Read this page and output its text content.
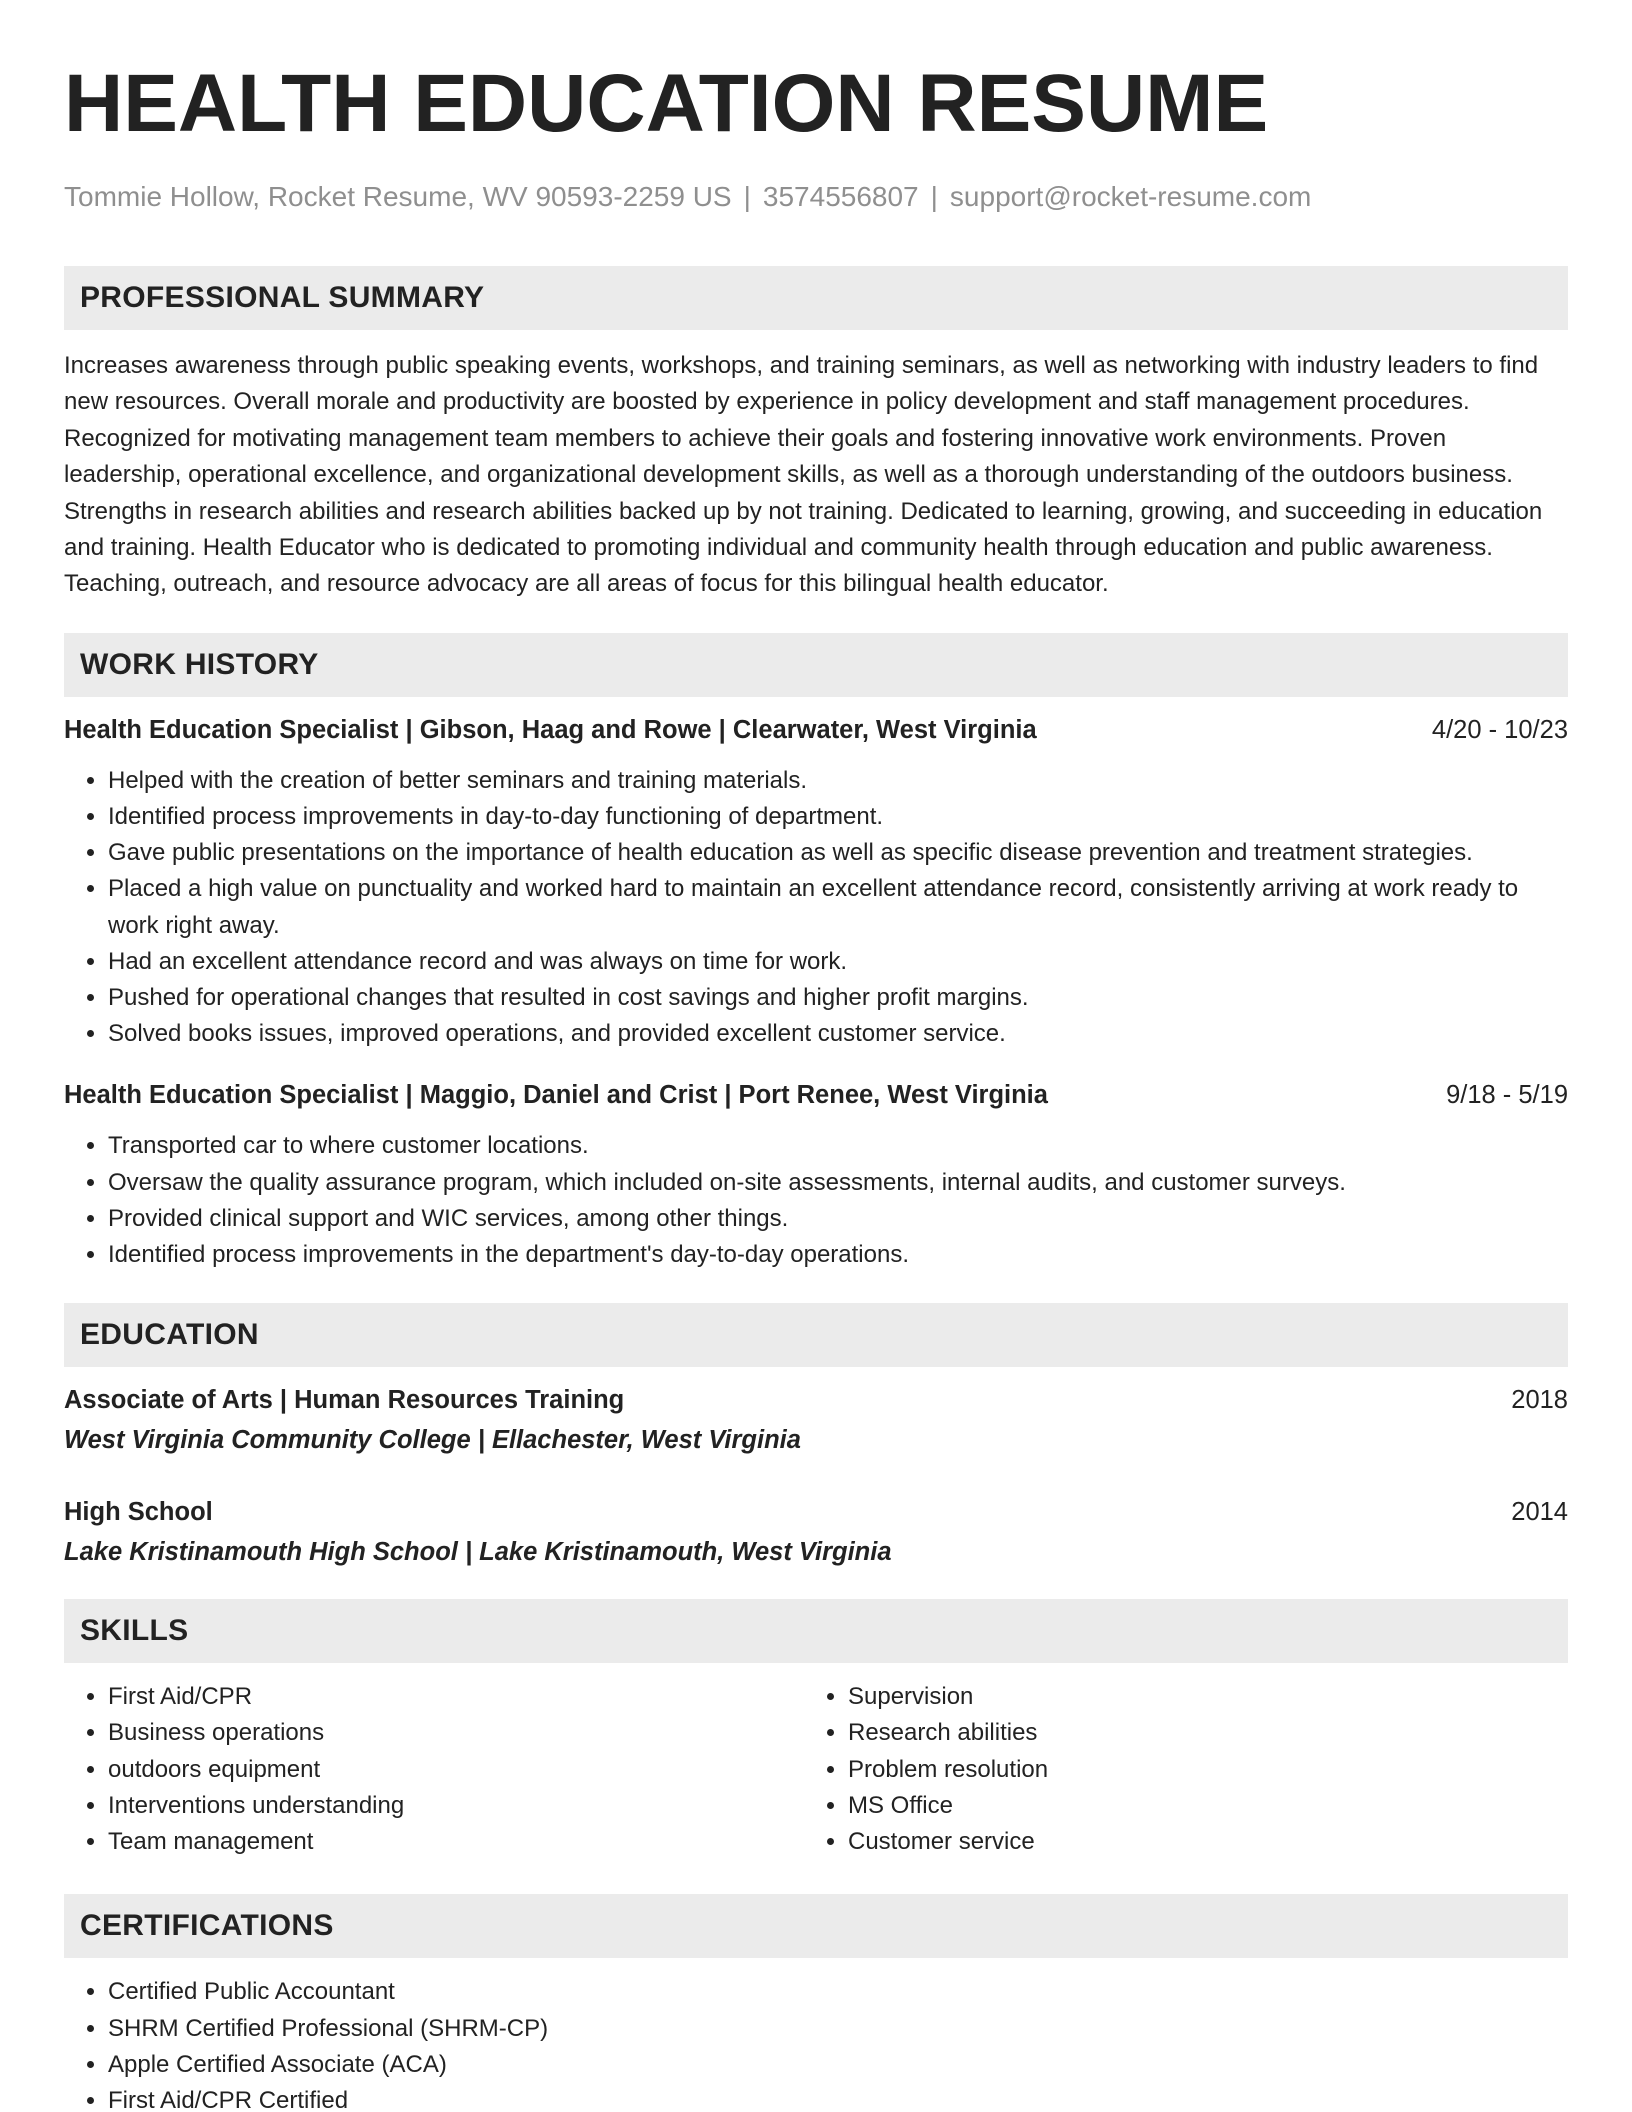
HEALTH EDUCATION RESUME
Tommie Hollow, Rocket Resume, WV 90593-2259 US | 3574556807 | support@rocket-resume.com
PROFESSIONAL SUMMARY
Increases awareness through public speaking events, workshops, and training seminars, as well as networking with industry leaders to find new resources. Overall morale and productivity are boosted by experience in policy development and staff management procedures. Recognized for motivating management team members to achieve their goals and fostering innovative work environments. Proven leadership, operational excellence, and organizational development skills, as well as a thorough understanding of the outdoors business. Strengths in research abilities and research abilities backed up by not training. Dedicated to learning, growing, and succeeding in education and training. Health Educator who is dedicated to promoting individual and community health through education and public awareness. Teaching, outreach, and resource advocacy are all areas of focus for this bilingual health educator.
WORK HISTORY
Health Education Specialist | Gibson, Haag and Rowe | Clearwater, West Virginia	4/20 - 10/23
• Helped with the creation of better seminars and training materials.
• Identified process improvements in day-to-day functioning of department.
• Gave public presentations on the importance of health education as well as specific disease prevention and treatment strategies.
• Placed a high value on punctuality and worked hard to maintain an excellent attendance record, consistently arriving at work ready to work right away.
• Had an excellent attendance record and was always on time for work.
• Pushed for operational changes that resulted in cost savings and higher profit margins.
• Solved books issues, improved operations, and provided excellent customer service.
Health Education Specialist | Maggio, Daniel and Crist | Port Renee, West Virginia	9/18 - 5/19
• Transported car to where customer locations.
• Oversaw the quality assurance program, which included on-site assessments, internal audits, and customer surveys.
• Provided clinical support and WIC services, among other things.
• Identified process improvements in the department's day-to-day operations.
EDUCATION
Associate of Arts | Human Resources Training	2018
West Virginia Community College | Ellachester, West Virginia
High School	2014
Lake Kristinamouth High School | Lake Kristinamouth, West Virginia
SKILLS
• First Aid/CPR
• Business operations
• outdoors equipment
• Interventions understanding
• Team management
• Supervision
• Research abilities
• Problem resolution
• MS Office
• Customer service
CERTIFICATIONS
• Certified Public Accountant
• SHRM Certified Professional (SHRM-CP)
• Apple Certified Associate (ACA)
• First Aid/CPR Certified
